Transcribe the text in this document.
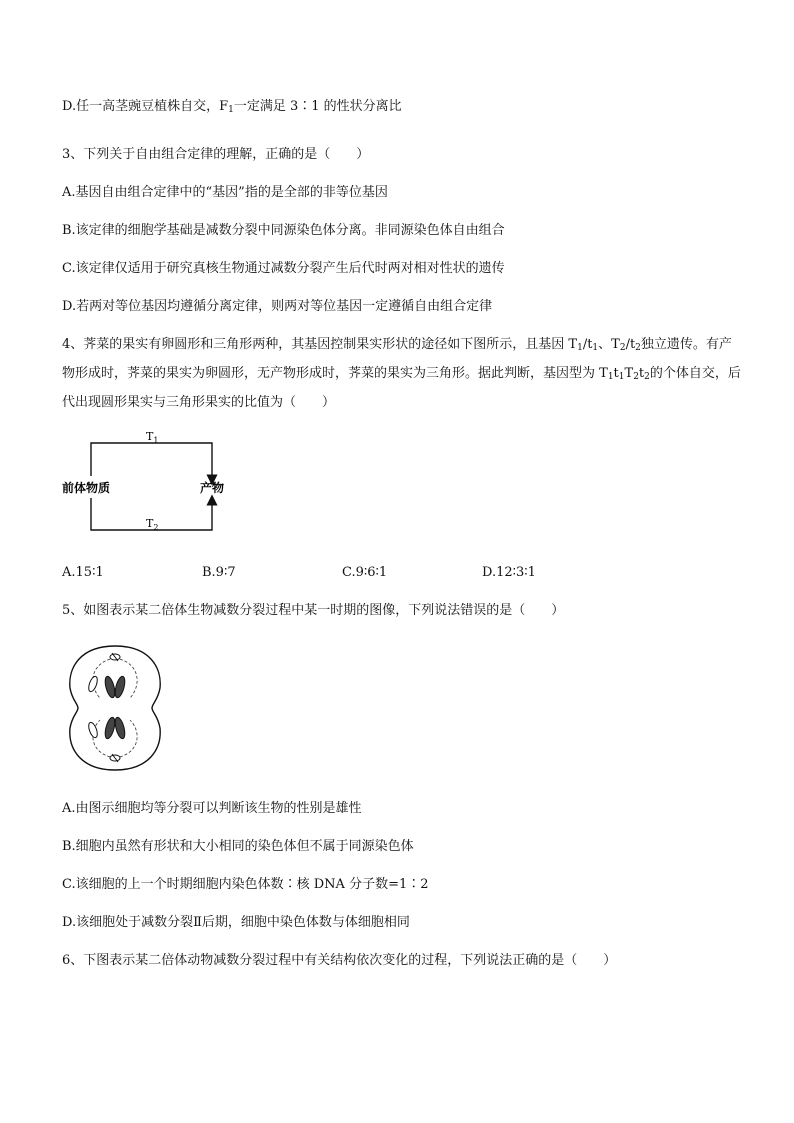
D.任一高茎豌豆植株自交，$F_1$一定满足 3∶1 的性状分离比
3、下列关于自由组合定律的理解，正确的是（　　）
A.基因自由组合定律中的“基因”指的是全部的非等位基因
B.该定律的细胞学基础是减数分裂中同源染色体分离。非同源染色体自由组合
C.该定律仅适用于研究真核生物通过减数分裂产生后代时两对相对性状的遗传
D.若两对等位基因均遵循分离定律，则两对等位基因一定遵循自由组合定律
4、荠菜的果实有卵圆形和三角形两种，其基因控制果实形状的途径如下图所示，且基因 $T_1/t_1$、$T_2/t_2$独立遗传。有产物形成时，荠菜的果实为卵圆形，无产物形成时，荠菜的果实为三角形。据此判断，基因型为 $T_1t_1T_2t_2$的个体自交，后代出现圆形果实与三角形果实的比值为（　　）
前体物质	产物
$T_1$
$T_2$
A.15∶1	B.9∶7	C.9∶6∶1	D.12∶3∶1
5、如图表示某二倍体生物减数分裂过程中某一时期的图像，下列说法错误的是（　　）
A.由图示细胞均等分裂可以判断该生物的性别是雄性
B.细胞内虽然有形状和大小相同的染色体但不属于同源染色体
C.该细胞的上一个时期细胞内染色体数∶核 DNA 分子数=1∶2
D.该细胞处于减数分裂Ⅱ后期，细胞中染色体数与体细胞相同
6、下图表示某二倍体动物减数分裂过程中有关结构依次变化的过程，下列说法正确的是（　　）
